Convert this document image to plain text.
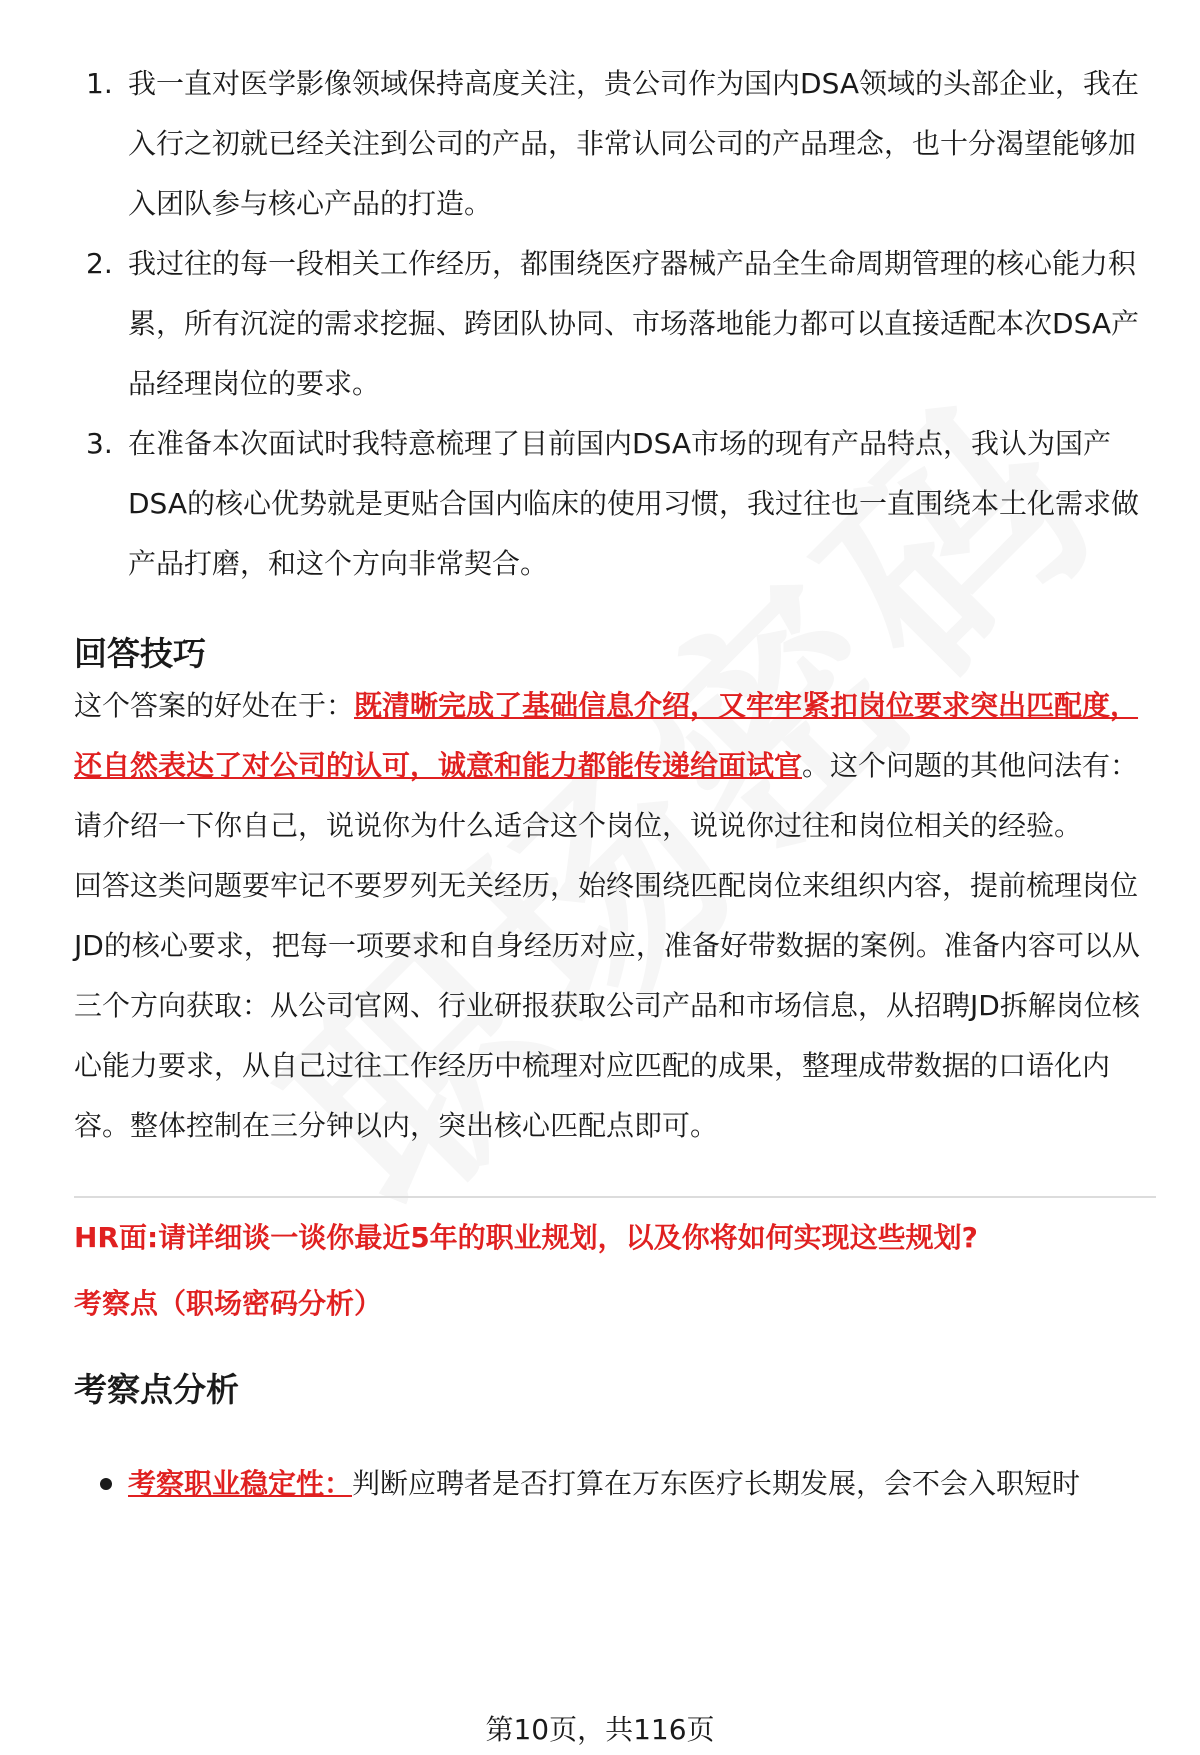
1. 我一直对医学影像领域保持高度关注，贵公司作为国内DSA领域的头部企业，我在入行之初就已经关注到公司的产品，非常认同公司的产品理念，也十分渴望能够加入团队参与核心产品的打造。
2. 我过往的每一段相关工作经历，都围绕医疗器械产品全生命周期管理的核心能力积累，所有沉淀的需求挖掘、跨团队协同、市场落地能力都可以直接适配本次DSA产品经理岗位的要求。
3. 在准备本次面试时我特意梳理了目前国内DSA市场的现有产品特点，我认为国产DSA的核心优势就是更贴合国内临床的使用习惯，我过往也一直围绕本土化需求做产品打磨，和这个方向非常契合。
回答技巧

这个答案的好处在于：既清晰完成了基础信息介绍，又牢牢紧扣岗位要求突出匹配度，还自然表达了对公司的认可，诚意和能力都能传递给面试官。这个问题的其他问法有：请介绍一下你自己，说说你为什么适合这个岗位，说说你过往和岗位相关的经验。

回答这类问题要牢记不要罗列无关经历，始终围绕匹配岗位来组织内容，提前梳理岗位JD的核心要求，把每一项要求和自身经历对应，准备好带数据的案例。准备内容可以从三个方向获取：从公司官网、行业研报获取公司产品和市场信息，从招聘JD拆解岗位核心能力要求，从自己过往工作经历中梳理对应匹配的成果，整理成带数据的口语化内容。整体控制在三分钟以内，突出核心匹配点即可。

HR面:请详细谈一谈你最近5年的职业规划，以及你将如何实现这些规划?

考察点（职场密码分析）

考察点分析
考察职业稳定性：判断应聘者是否打算在万东医疗长期发展，会不会入职短时
第10页，共116页
